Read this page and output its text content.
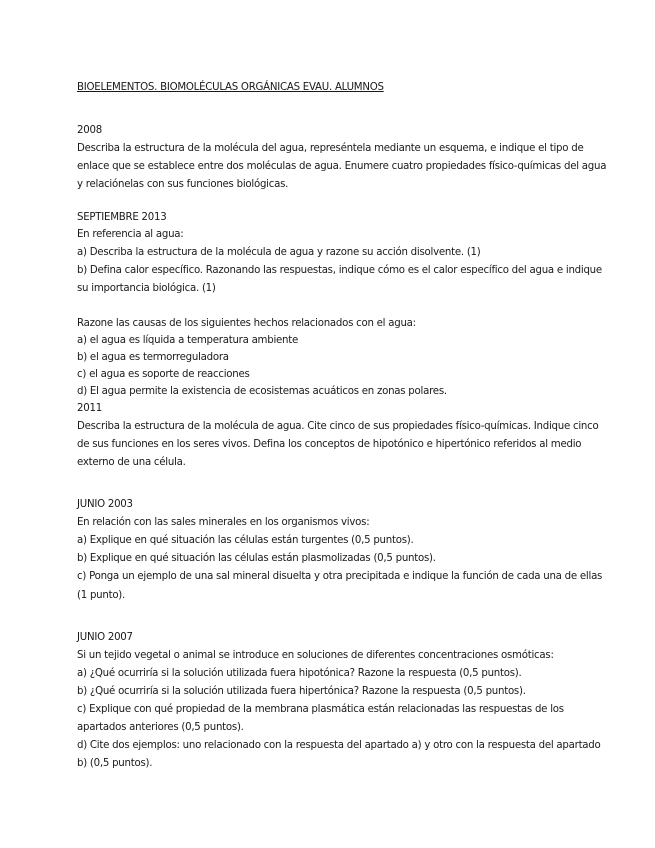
BIOELEMENTOS. BIOMOLÉCULAS ORGÁNICAS EVAU. ALUMNOS
2008
Describa la estructura de la molécula del agua, represéntela mediante un esquema, e indique el tipo de
enlace que se establece entre dos moléculas de agua. Enumere cuatro propiedades físico-químicas del agua
y relaciónelas con sus funciones biológicas.
SEPTIEMBRE 2013
En referencia al agua:
a) Describa la estructura de la molécula de agua y razone su acción disolvente. (1)
b) Defina calor específico. Razonando las respuestas, indique cómo es el calor específico del agua e indique
su importancia biológica. (1)
Razone las causas de los siguientes hechos relacionados con el agua:
a) el agua es líquida a temperatura ambiente
b) el agua es termorreguladora
c) el agua es soporte de reacciones
d) El agua permite la existencia de ecosistemas acuáticos en zonas polares.
2011
Describa la estructura de la molécula de agua. Cite cinco de sus propiedades físico-químicas. Indique cinco
de sus funciones en los seres vivos. Defina los conceptos de hipotónico e hipertónico referidos al medio
externo de una célula.
JUNIO 2003
En relación con las sales minerales en los organismos vivos:
a) Explique en qué situación las células están turgentes (0,5 puntos).
b) Explique en qué situación las células están plasmolizadas (0,5 puntos).
c) Ponga un ejemplo de una sal mineral disuelta y otra precipitada e indique la función de cada una de ellas
(1 punto).
JUNIO 2007
Si un tejido vegetal o animal se introduce en soluciones de diferentes concentraciones osmóticas:
a) ¿Qué ocurriría si la solución utilizada fuera hipotónica? Razone la respuesta (0,5 puntos).
b) ¿Qué ocurriría si la solución utilizada fuera hipertónica? Razone la respuesta (0,5 puntos).
c) Explique con qué propiedad de la membrana plasmática están relacionadas las respuestas de los
apartados anteriores (0,5 puntos).
d) Cite dos ejemplos: uno relacionado con la respuesta del apartado a) y otro con la respuesta del apartado
b) (0,5 puntos).
